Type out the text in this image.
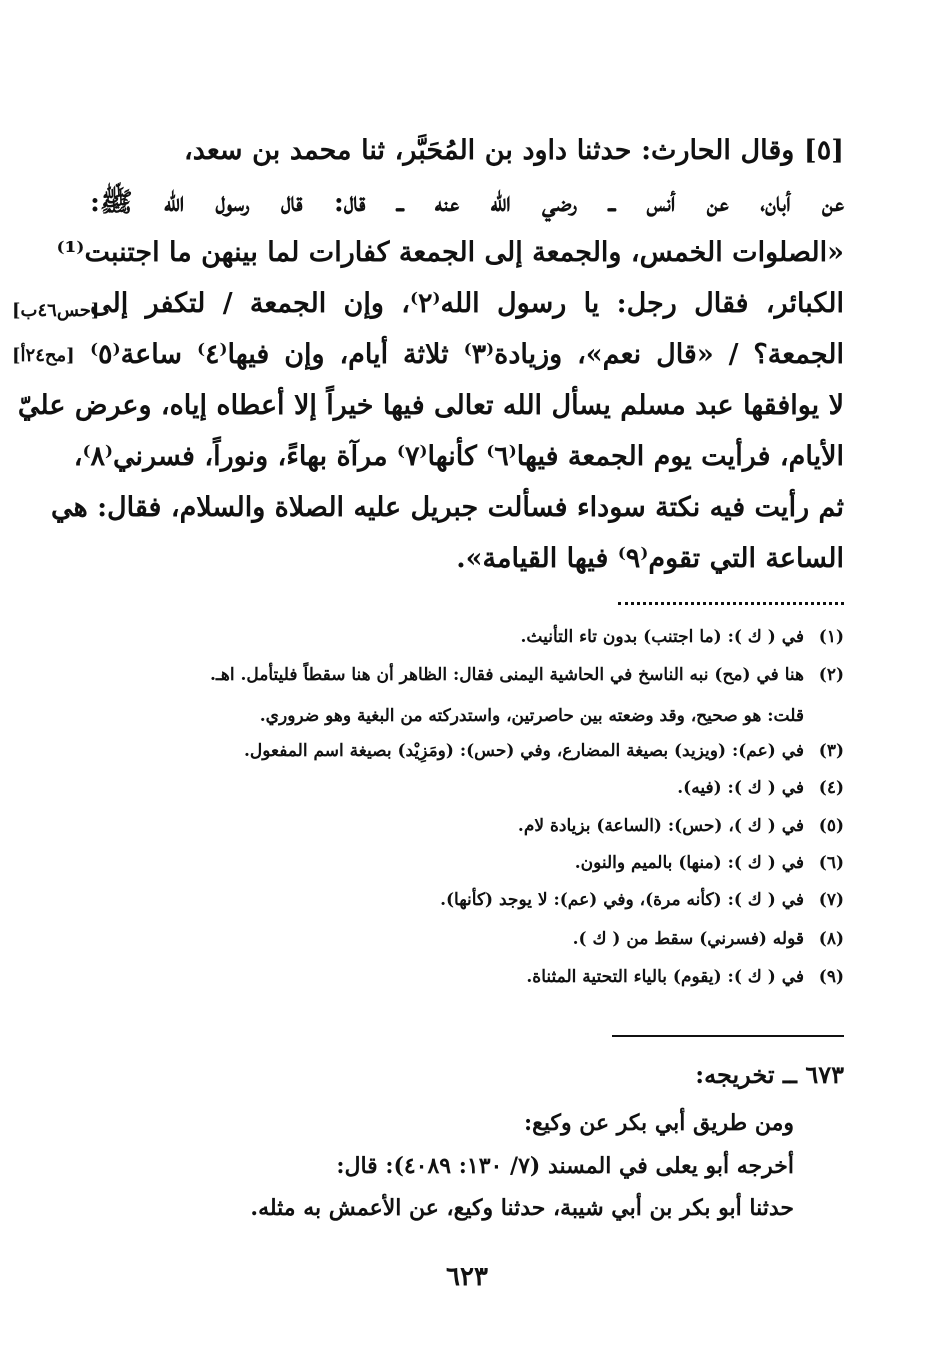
[٥] وقال الحارث: حدثنا داود بن المُحَبَّر، ثنا محمد بن سعد،
عن أبان، عن أنس ــ رضي الله عنه ــ قال: قال رسول الله ﷺ:
«الصلوات الخمس، والجمعة إلى الجمعة كفارات لما بينهن ما اجتنبت⁽¹⁾
الكبائر، فقال رجل: يا رسول الله⁽٢⁾، وإن الجمعة / لتكفر إلى
الجمعة؟ / «قال نعم»، وزيادة⁽٣⁾ ثلاثة أيام، وإن فيها⁽٤⁾ ساعة⁽٥⁾
لا يوافقها عبد مسلم يسأل الله تعالى فيها خيراً إلا أعطاه إياه، وعرض عليّ
الأيام، فرأيت يوم الجمعة فيها⁽٦⁾ كأنها⁽٧⁾ مرآة بهاءً، ونوراً، فسرني⁽٨⁾،
ثم رأيت فيه نكتة سوداء فسألت جبريل عليه الصلاة والسلام، فقال: هي
الساعة التي تقوم⁽٩⁾ فيها القيامة».
[حس٤٦ب]
[مح٢٤أ]
(١)في ( ك ): (ما اجتنب) بدون تاء التأنيث.
(٢)هنا في (مح) نبه الناسخ في الحاشية اليمنى فقال: الظاهر أن هنا سقطاً فليتأمل. اهـ.
قلت: هو صحيح، وقد وضعته بين حاصرتين، واستدركته من البغية وهو ضروري.
(٣)في (عم): (ويزيد) بصيغة المضارع، وفي (حس): (ومَزِيْد) بصيغة اسم المفعول.
(٤)في ( ك ): (فيه).
(٥)في ( ك )، (حس): (الساعة) بزيادة لام.
(٦)في ( ك ): (منها) بالميم والنون.
(٧)في ( ك ): (كأنه مرة)، وفي (عم): لا يوجد (كأنها).
(٨)قوله (فسرني) سقط من ( ك ).
(٩)في ( ك ): (يقوم) بالياء التحتية المثناة.
٦٧٣ ــ تخريجه:
ومن طريق أبي بكر عن وكيع:
أخرجه أبو يعلى في المسند (٧/ ١٣٠: ٤٠٨٩): قال:
حدثنا أبو بكر بن أبي شيبة، حدثنا وكيع، عن الأعمش به مثله.
٦٢٣
